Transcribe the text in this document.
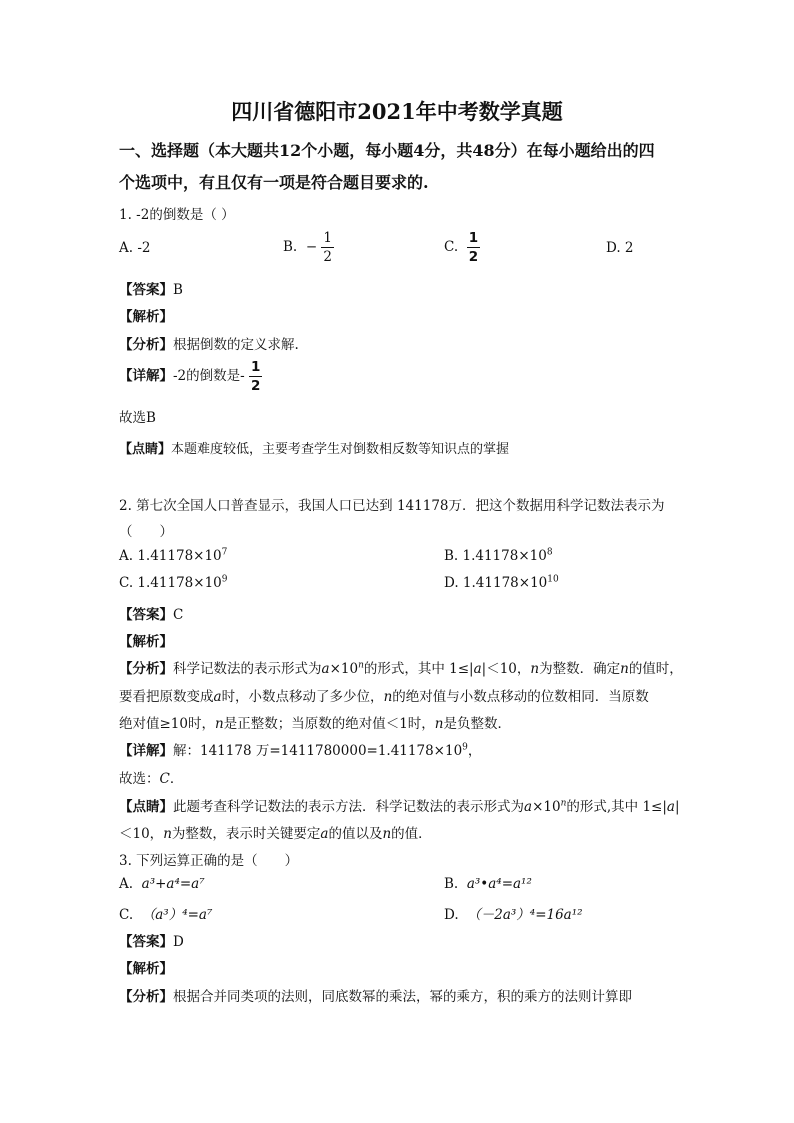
四川省德阳市2021年中考数学真题
一、选择题（本大题共12个小题，每小题4分，共48分）在每小题给出的四
个选项中，有且仅有一项是符合题目要求的.
1. -2的倒数是（ ）
A. -2	B. − $\frac{1}{2}$	C. $\frac{1}{2}$	D. 2
【答案】B
【解析】
【分析】根据倒数的定义求解.
【详解】-2的倒数是- $\frac{1}{2}$
故选B
【点睛】本题难度较低，主要考查学生对倒数相反数等知识点的掌握
2. 第七次全国人口普查显示，我国人口已达到 141178万．把这个数据用科学记数法表示为
（　　）
A. $1.41178\times 10^7$	B. $1.41178\times 10^8$
C. $1.41178\times 10^9$	D. $1.41178\times 10^{10}$
【答案】C
【解析】
【分析】科学记数法的表示形式为$a\times 10^n$的形式，其中 1≤|a|＜10，n为整数．确定n的值时，
要看把原数变成a时，小数点移动了多少位，n的绝对值与小数点移动的位数相同．当原数
绝对值≥10时，n是正整数；当原数的绝对值＜1时，n是负整数．
【详解】解：141178 万$=1411780000=1.41178\times 10^9$，
故选：C．
【点睛】此题考查科学记数法的表示方法．科学记数法的表示形式为$a\times 10^n$的形式,其中 1≤|a|
＜10，n为整数，表示时关键要定a的值以及n的值．
3. 下列运算正确的是（　　）
A. a³+a⁴=a⁷	B. a³•a⁴=a¹²
C. （a³）⁴=a⁷	D. （－2a³）⁴=16a¹²
【答案】D
【解析】
【分析】根据合并同类项的法则，同底数幂的乘法，幂的乘方，积的乘方的法则计算即
